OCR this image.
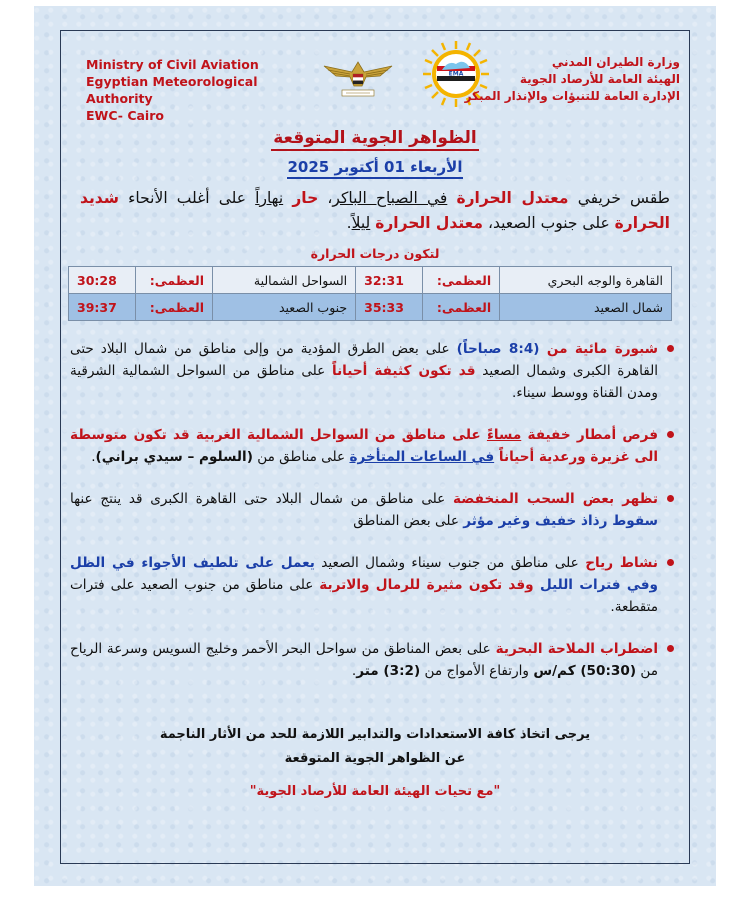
Ministry of Civil Aviation
Egyptian Meteorological Authority
EWC- Cairo
EMA
وزارة الطيران المدني
الهيئة العامة للأرصاد الجوية
الإدارة العامة للتنبؤات والإنذار المبكر
الظواهر الجوية المتوقعة
الأربعاء 01 أكتوبر 2025
طقس خريفي معتدل الحرارة في الصباح الباكر، حار نهاراً على أغلب الأنحاء شديد الحرارة على جنوب الصعيد، معتدل الحرارة ليلاً.
لتكون درجات الحرارة
القاهرة والوجه البحري	العظمى:	32:31	السواحل الشمالية	العظمى:	30:28
شمال الصعيد	العظمى:	35:33	جنوب الصعيد	العظمى:	39:37
شبورة مائية من (8:4 صباحاً) على بعض الطرق المؤدية من وإلى مناطق من شمال البلاد حتى القاهرة الكبرى وشمال الصعيد قد تكون كثيفة أحياناً على مناطق من السواحل الشمالية الشرقية ومدن القناة ووسط سيناء.
فرص أمطار خفيفة مساءً على مناطق من السواحل الشمالية الغربية قد تكون متوسطة الى غزيرة ورعدية أحياناً في الساعات المتأخرة على مناطق من (السلوم – سيدي براني).
تظهر بعض السحب المنخفضة على مناطق من شمال البلاد حتى القاهرة الكبرى قد ينتج عنها سقوط رذاذ خفيف وغير مؤثر على بعض المناطق
نشاط رياح على مناطق من جنوب سيناء وشمال الصعيد يعمل على تلطيف الأجواء في الظل وفي فترات الليل وقد تكون مثيرة للرمال والاتربة على مناطق من جنوب الصعيد على فترات متقطعة.
اضطراب الملاحة البحرية على بعض المناطق من سواحل البحر الأحمر وخليج السويس وسرعة الرياح من (50:30) كم/س وارتفاع الأمواج من (3:2) متر.
يرجى اتخاذ كافة الاستعدادات والتدابير اللازمة للحد من الأثار الناجمة
عن الظواهر الجوية المتوقعة
"مع تحيات الهيئة العامة للأرصاد الجوية"
